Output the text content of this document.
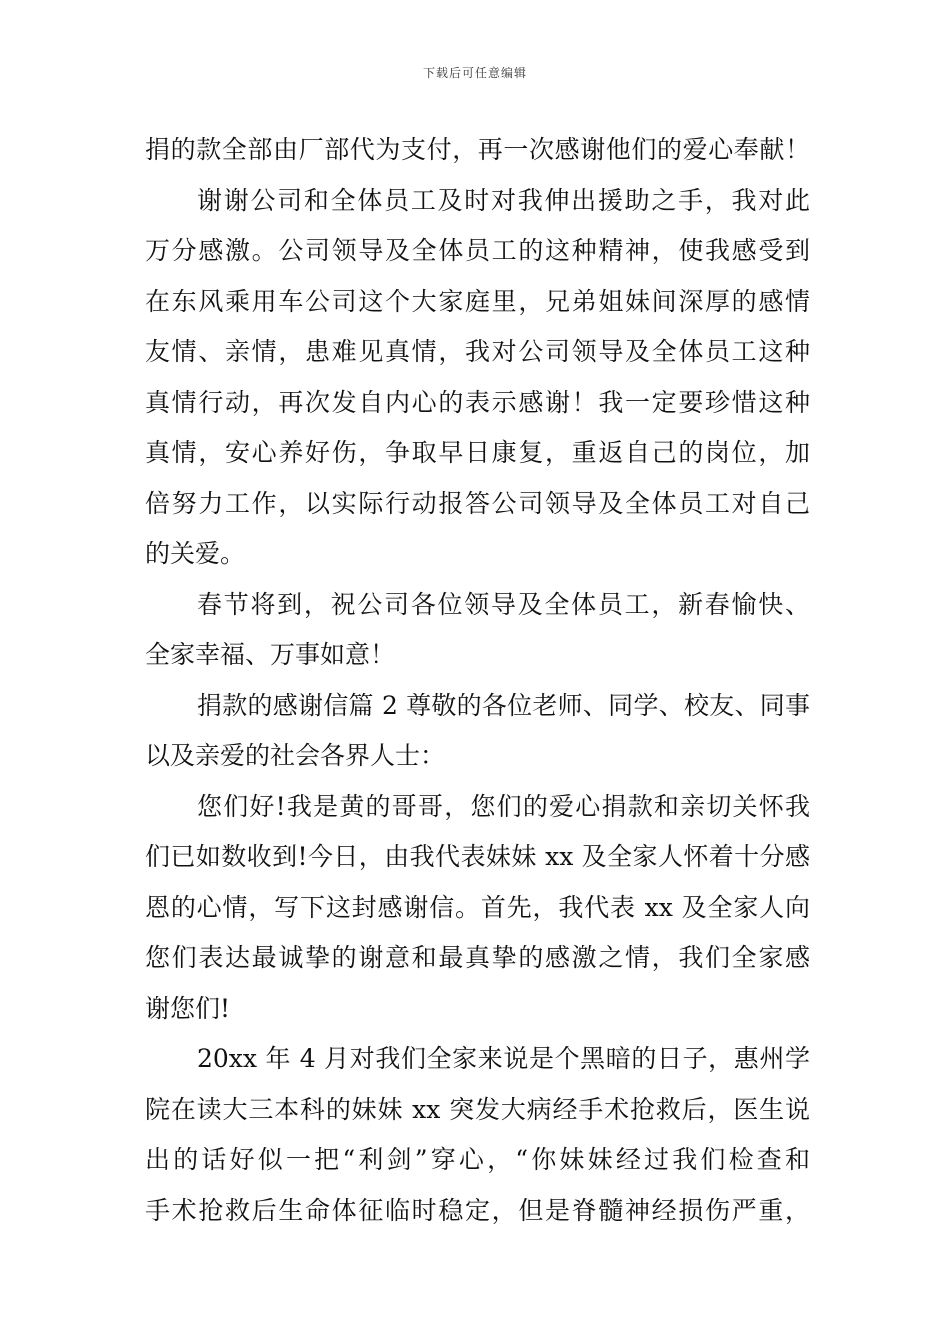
下载后可任意编辑
捐的款全部由厂部代为支付，再一次感谢他们的爱心奉献！
谢谢公司和全体员工及时对我伸出援助之手，我对此
万分感激。公司领导及全体员工的这种精神，使我感受到
在东风乘用车公司这个大家庭里，兄弟姐妹间深厚的感情
友情、亲情，患难见真情，我对公司领导及全体员工这种
真情行动，再次发自内心的表示感谢！我一定要珍惜这种
真情，安心养好伤，争取早日康复，重返自己的岗位，加
倍努力工作，以实际行动报答公司领导及全体员工对自己
的关爱。
春节将到，祝公司各位领导及全体员工，新春愉快、
全家幸福、万事如意！
捐款的感谢信篇 2 尊敬的各位老师、同学、校友、同事
以及亲爱的社会各界人士：
您们好!我是黄的哥哥，您们的爱心捐款和亲切关怀我
们已如数收到!今日，由我代表妹妹 xx 及全家人怀着十分感
恩的心情，写下这封感谢信。首先，我代表 xx 及全家人向
您们表达最诚挚的谢意和最真挚的感激之情，我们全家感
谢您们!
20xx 年 4 月对我们全家来说是个黑暗的日子，惠州学
院在读大三本科的妹妹 xx 突发大病经手术抢救后，医生说
出的话好似一把“利剑”穿心，“你妹妹经过我们检查和
手术抢救后生命体征临时稳定，但是脊髓神经损伤严重，
